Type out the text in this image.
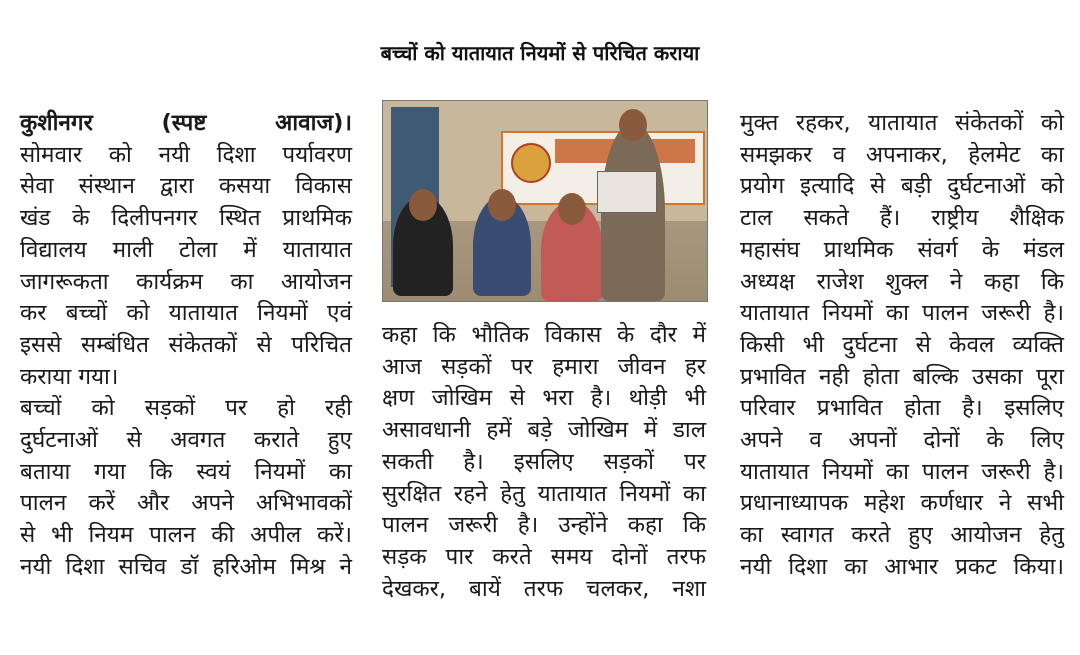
बच्चों को यातायात नियमों से परिचित कराया
कुशीनगर (स्पष्ट आवाज)।
सोमवार को नयी दिशा पर्यावरण
सेवा संस्थान द्वारा कसया विकास
खंड के दिलीपनगर स्थित प्राथमिक
विद्यालय माली टोला में यातायात
जागरूकता कार्यक्रम का आयोजन
कर बच्चों को यातायात नियमों एवं
इससे सम्बंधित संकेतकों से परिचित
कराया गया।
बच्चों को सड़कों पर हो रही
दुर्घटनाओं से अवगत कराते हुए
बताया गया कि स्वयं नियमों का
पालन करें और अपने अभिभावकों
से भी नियम पालन की अपील करें।
नयी दिशा सचिव डॉ हरिओम मिश्र ने
कहा कि भौतिक विकास के दौर में
आज सड़कों पर हमारा जीवन हर
क्षण जोखिम से भरा है। थोड़ी भी
असावधानी हमें बड़े जोखिम में डाल
सकती है। इसलिए सड़कों पर
सुरक्षित रहने हेतु यातायात नियमों का
पालन जरूरी है। उन्होंने कहा कि
सड़क पार करते समय दोनों तरफ
देखकर, बायें तरफ चलकर, नशा
मुक्त रहकर, यातायात संकेतकों को
समझकर व अपनाकर, हेलमेट का
प्रयोग इत्यादि से बड़ी दुर्घटनाओं को
टाल सकते हैं। राष्ट्रीय शैक्षिक
महासंघ प्राथमिक संवर्ग के मंडल
अध्यक्ष राजेश शुक्ल ने कहा कि
यातायात नियमों का पालन जरूरी है।
किसी भी दुर्घटना से केवल व्यक्ति
प्रभावित नही होता बल्कि उसका पूरा
परिवार प्रभावित होता है। इसलिए
अपने व अपनों दोनों के लिए
यातायात नियमों का पालन जरूरी है।
प्रधानाध्यापक महेश कर्णधार ने सभी
का स्वागत करते हुए आयोजन हेतु
नयी दिशा का आभार प्रकट किया।
